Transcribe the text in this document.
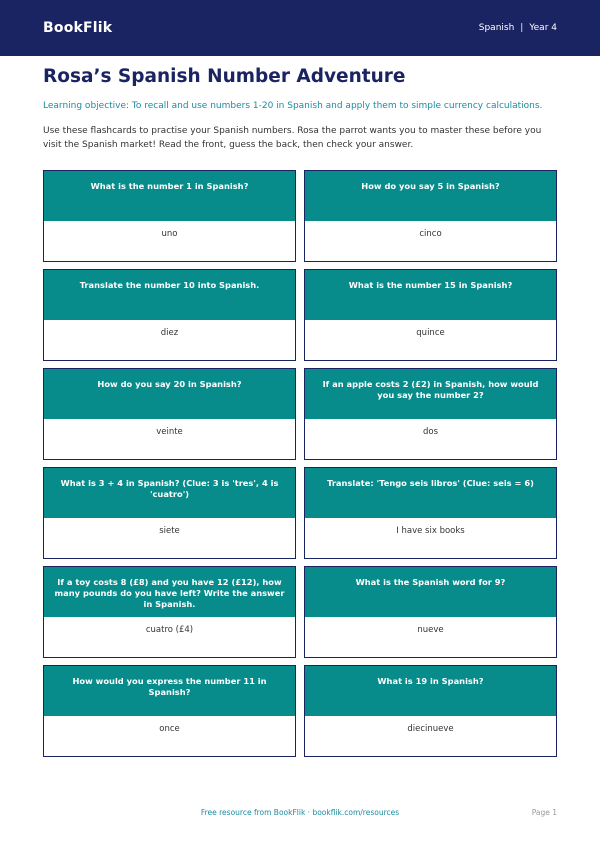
BookFlik	Spanish | Year 4
Rosa’s Spanish Number Adventure

Learning objective: To recall and use numbers 1-20 in Spanish and apply them to simple currency calculations.

Use these flashcards to practise your Spanish numbers. Rosa the parrot wants you to master these before you visit the Spanish market! Read the front, guess the back, then check your answer.

What is the number 1 in Spanish?
uno
How do you say 5 in Spanish?
cinco
Translate the number 10 into Spanish.
diez
What is the number 15 in Spanish?
quince
How do you say 20 in Spanish?
veinte
If an apple costs 2 (£2) in Spanish, how would you say the number 2?
dos
What is 3 + 4 in Spanish? (Clue: 3 is 'tres', 4 is 'cuatro')
siete
Translate: 'Tengo seis libros' (Clue: seis = 6)
I have six books
If a toy costs 8 (£8) and you have 12 (£12), how many pounds do you have left? Write the answer in Spanish.
cuatro (£4)
What is the Spanish word for 9?
nueve
How would you express the number 11 in Spanish?
once
What is 19 in Spanish?
diecinueve
Free resource from BookFlik · bookflik.com/resources	Page 1
